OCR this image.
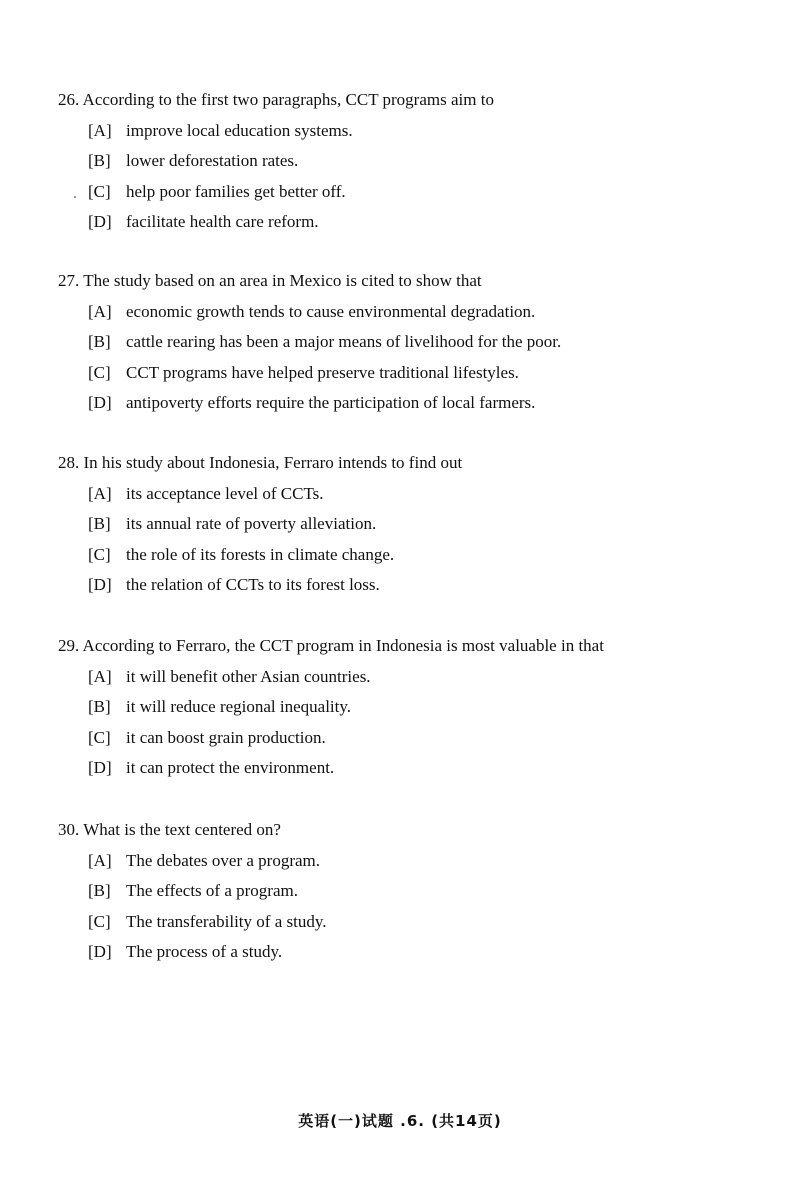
26. According to the first two paragraphs, CCT programs aim to
[A] improve local education systems.
[B] lower deforestation rates.
[C] help poor families get better off.
[D] facilitate health care reform.
27. The study based on an area in Mexico is cited to show that
[A] economic growth tends to cause environmental degradation.
[B] cattle rearing has been a major means of livelihood for the poor.
[C] CCT programs have helped preserve traditional lifestyles.
[D] antipoverty efforts require the participation of local farmers.
28. In his study about Indonesia, Ferraro intends to find out
[A] its acceptance level of CCTs.
[B] its annual rate of poverty alleviation.
[C] the role of its forests in climate change.
[D] the relation of CCTs to its forest loss.
29. According to Ferraro, the CCT program in Indonesia is most valuable in that
[A] it will benefit other Asian countries.
[B] it will reduce regional inequality.
[C] it can boost grain production.
[D] it can protect the environment.
30. What is the text centered on?
[A] The debates over a program.
[B] The effects of a program.
[C] The transferability of a study.
[D] The process of a study.
英语(一)试题 .6. (共14页)
